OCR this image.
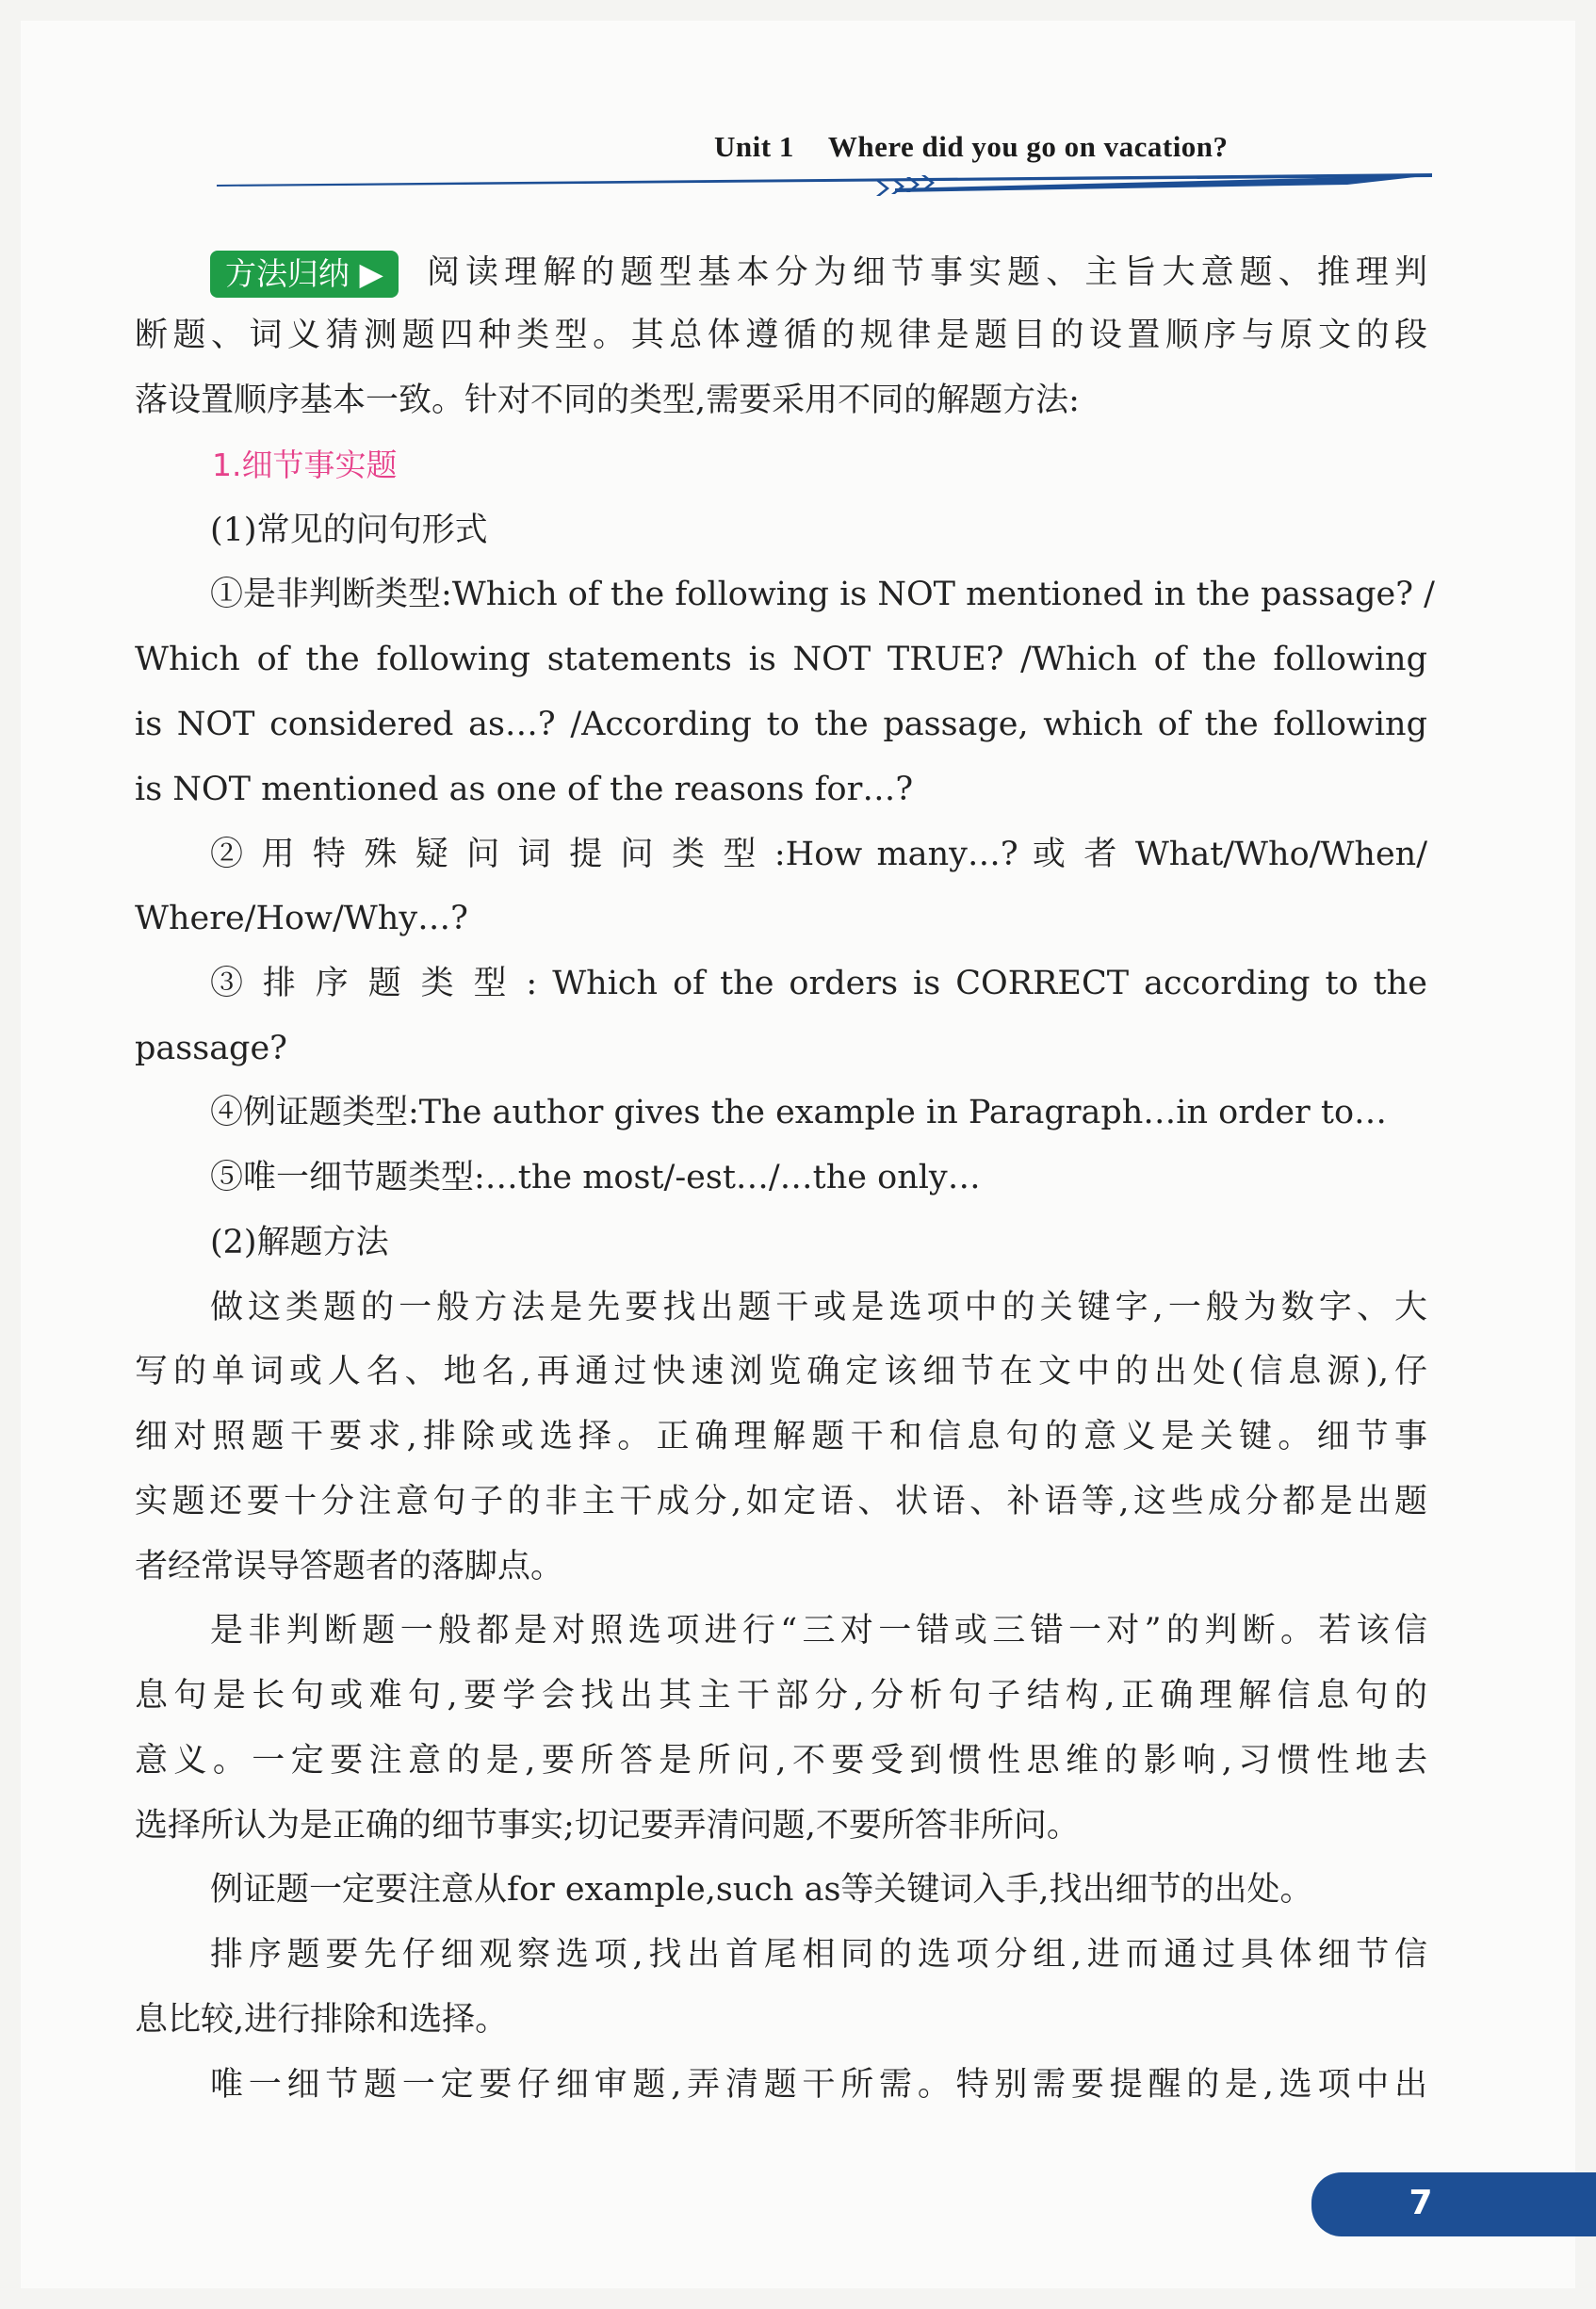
Unit 1 Where did you go on vacation?
方法归纳 ▶ 阅读理解的题型基本分为细节事实题、主旨大意题、推理判
断题、词义猜测题四种类型。其总体遵循的规律是题目的设置顺序与原文的段
落设置顺序基本一致。针对不同的类型,需要采用不同的解题方法:
1.细节事实题
(1)常见的问句形式
①是非判断类型:Which of the following is NOT mentioned in the passage? /
Which of the following statements is NOT TRUE? /Which of the following
is NOT considered as…? /According to the passage, which of the following
is NOT mentioned as one of the reasons for…?
② 用 特 殊 疑 问 词 提 问 类 型 :How many…? 或 者 What/Who/When/
Where/How/Why…?
③ 排 序 题 类 型 : Which of the orders is CORRECT according to the
passage?
④例证题类型:The author gives the example in Paragraph…in order to…
⑤唯一细节题类型:…the most/-est…/…the only…
(2)解题方法
做这类题的一般方法是先要找出题干或是选项中的关键字,一般为数字、大
写的单词或人名、地名,再通过快速浏览确定该细节在文中的出处(信息源),仔
细对照题干要求,排除或选择。正确理解题干和信息句的意义是关键。细节事
实题还要十分注意句子的非主干成分,如定语、状语、补语等,这些成分都是出题
者经常误导答题者的落脚点。
是非判断题一般都是对照选项进行“三对一错或三错一对”的判断。若该信
息句是长句或难句,要学会找出其主干部分,分析句子结构,正确理解信息句的
意义。一定要注意的是,要所答是所问,不要受到惯性思维的影响,习惯性地去
选择所认为是正确的细节事实;切记要弄清问题,不要所答非所问。
例证题一定要注意从for example,such as等关键词入手,找出细节的出处。
排序题要先仔细观察选项,找出首尾相同的选项分组,进而通过具体细节信
息比较,进行排除和选择。
唯一细节题一定要仔细审题,弄清题干所需。特别需要提醒的是,选项中出
7
